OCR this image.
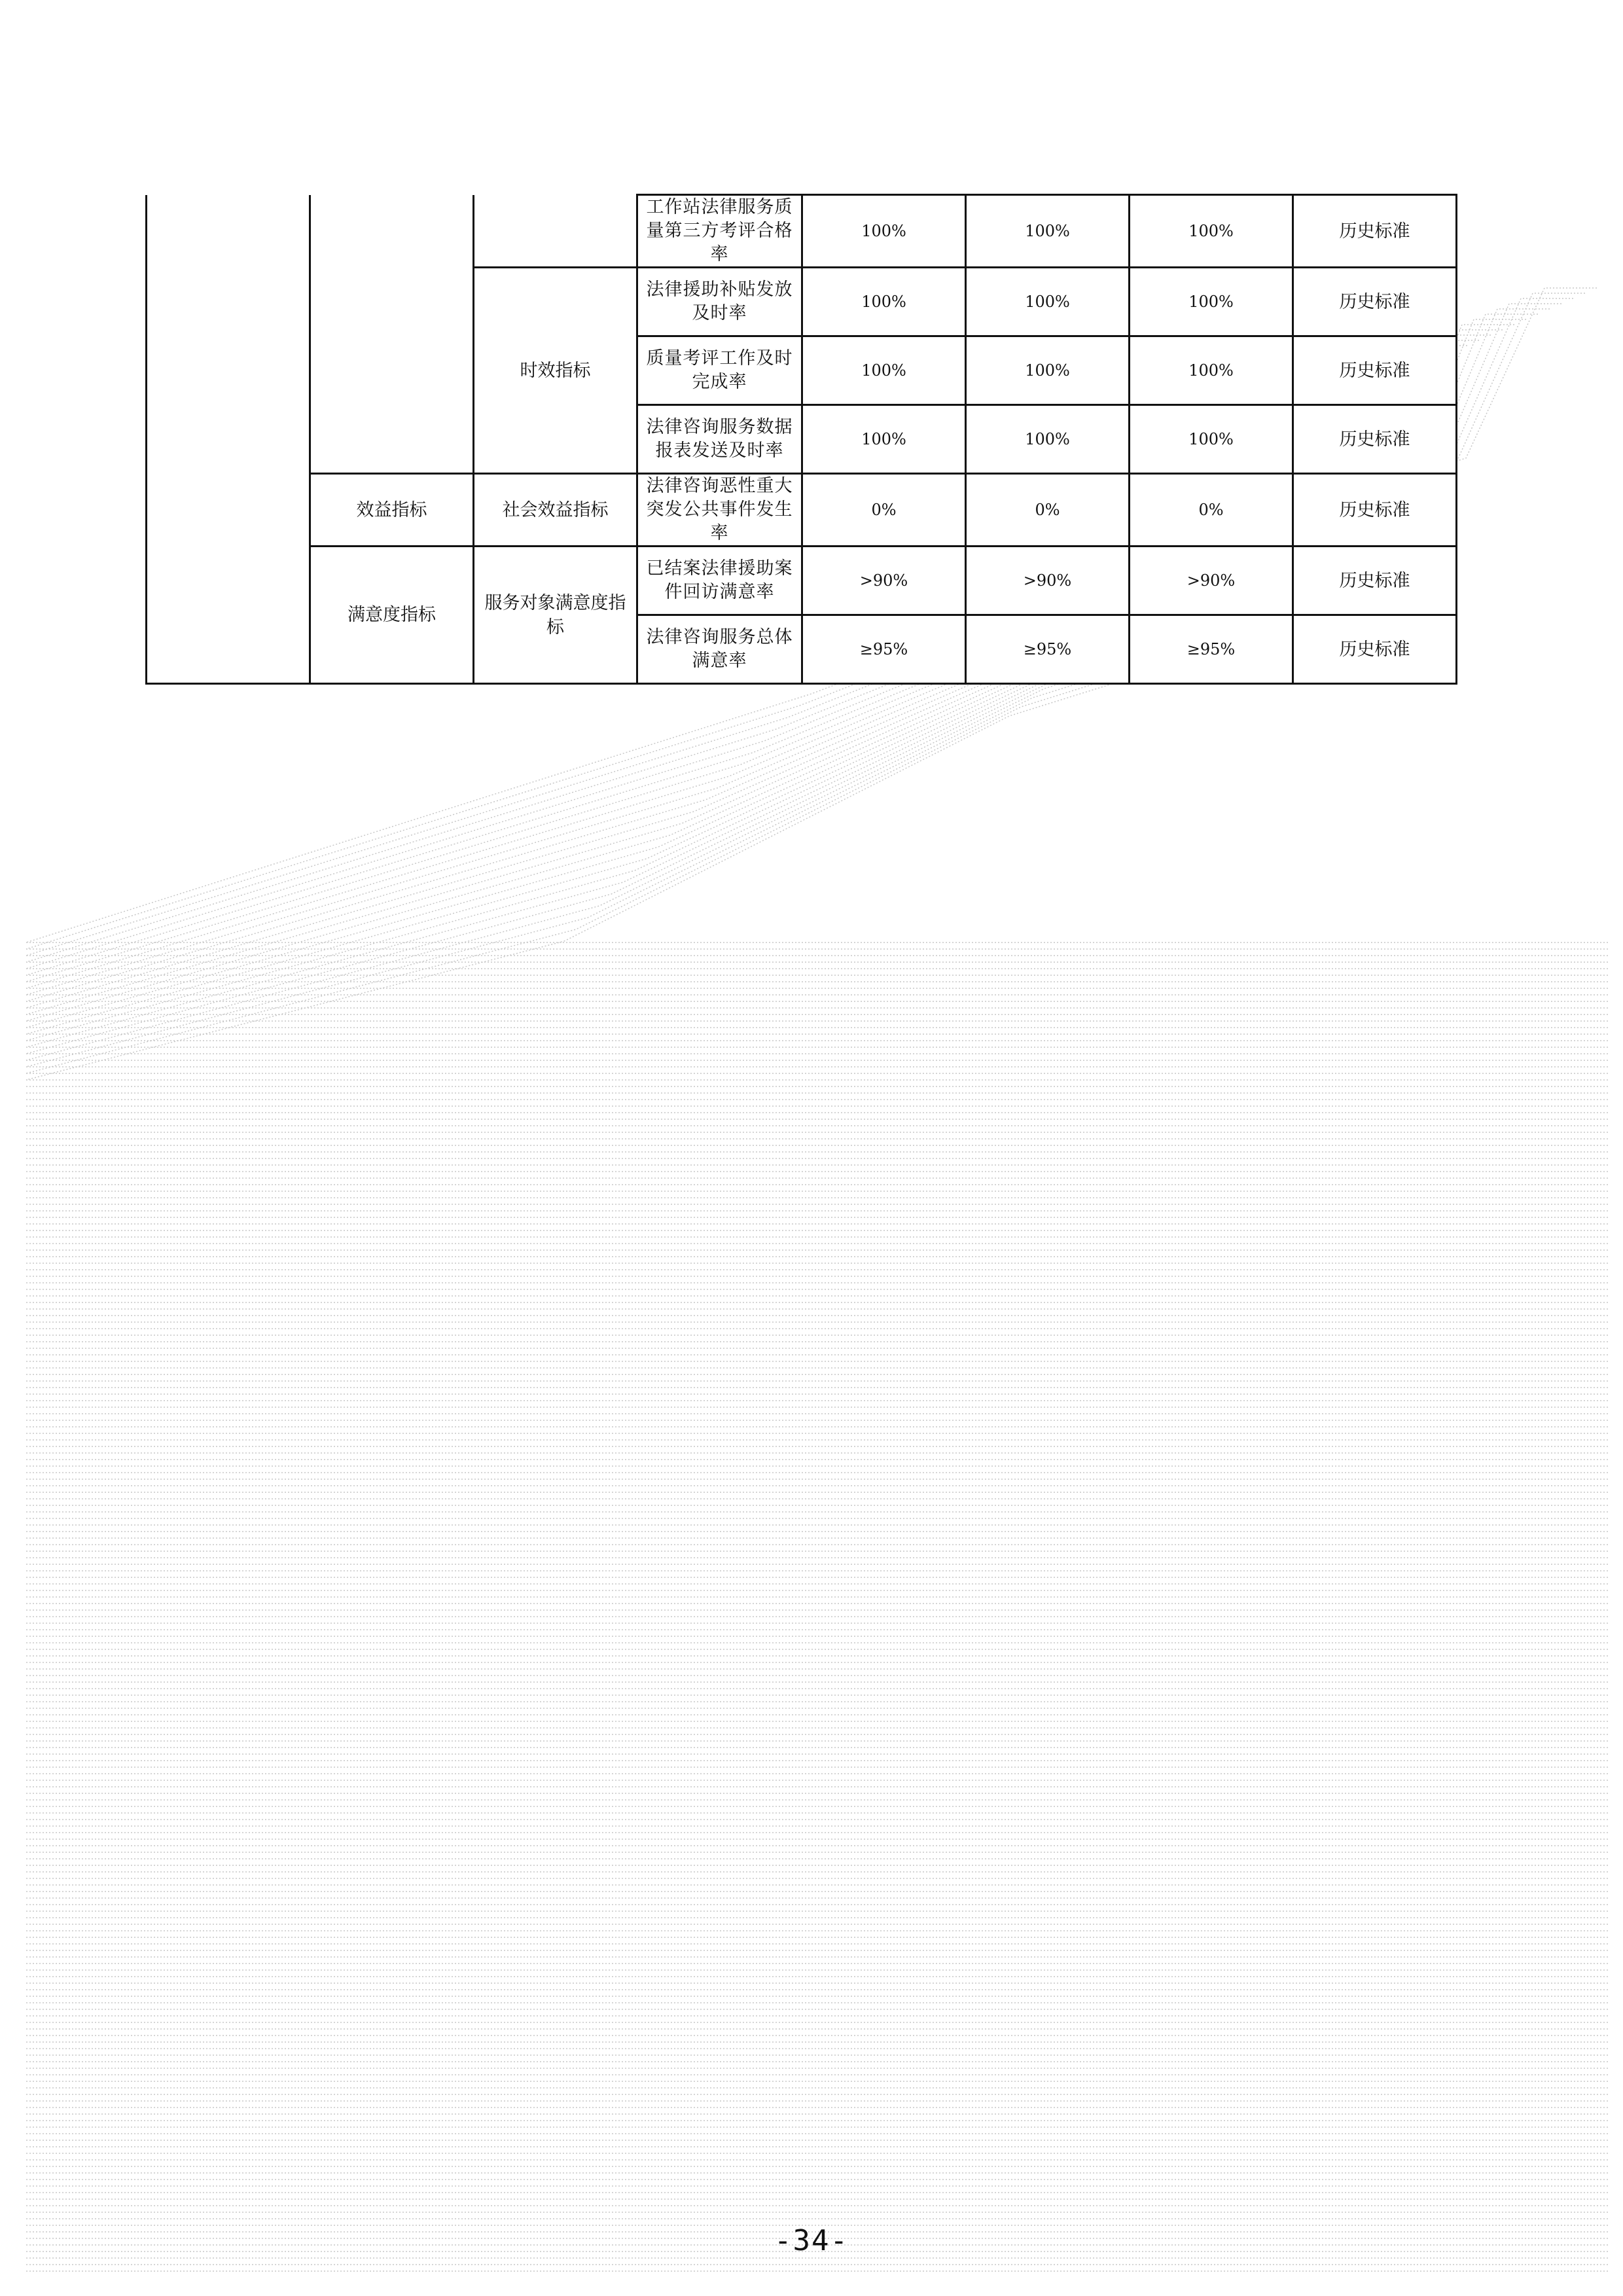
			工作站法律服务质量第三方考评合格率	100%	100%	100%	历史标准
		时效指标	法律援助补贴发放及时率	100%	100%	100%	历史标准
			质量考评工作及时完成率	100%	100%	100%	历史标准
			法律咨询服务数据报表发送及时率	100%	100%	100%	历史标准
	效益指标	社会效益指标	法律咨询恶性重大突发公共事件发生率	0%	0%	0%	历史标准
	满意度指标	服务对象满意度指标	已结案法律援助案件回访满意率	>90%	>90%	>90%	历史标准
			法律咨询服务总体满意率	≥95%	≥95%	≥95%	历史标准
-34-
